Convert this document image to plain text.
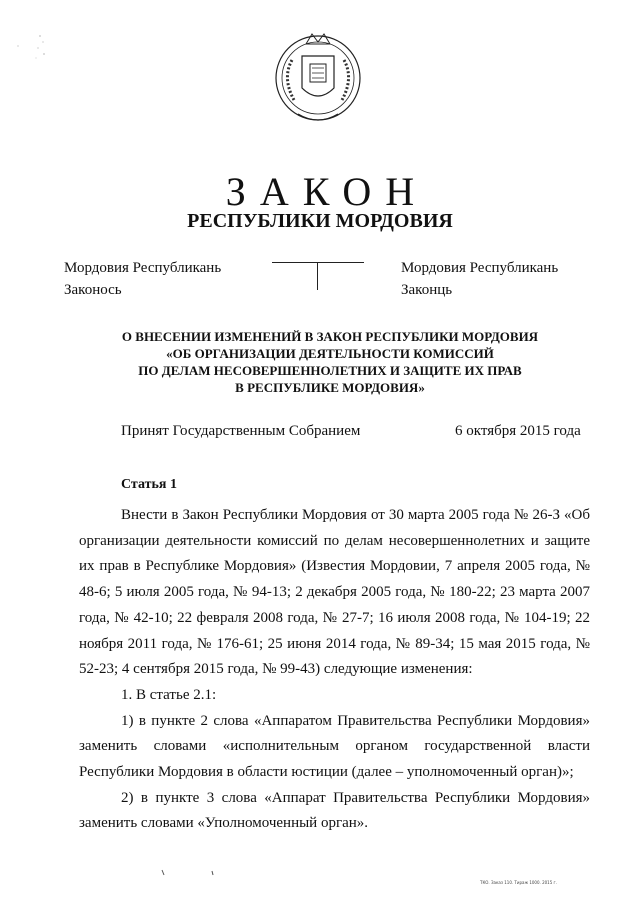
ЗАКОН
РЕСПУБЛИКИ МОРДОВИЯ
Мордовия Республикань
Законось
Мордовия Республикань
Законць
О ВНЕСЕНИИ ИЗМЕНЕНИЙ В ЗАКОН РЕСПУБЛИКИ МОРДОВИЯ
«ОБ ОРГАНИЗАЦИИ ДЕЯТЕЛЬНОСТИ КОМИССИЙ
ПО ДЕЛАМ НЕСОВЕРШЕННОЛЕТНИХ И ЗАЩИТЕ ИХ ПРАВ
В РЕСПУБЛИКЕ МОРДОВИЯ»
Принят Государственным Собранием	6 октября 2015 года
Статья 1

Внести в Закон Республики Мордовия от 30 марта 2005 года № 26-З «Об организации деятельности комиссий по делам несовершеннолетних и защите их прав в Республике Мордовия» (Известия Мордовии, 7 апреля 2005 года, № 48-6; 5 июля 2005 года, № 94-13; 2 декабря 2005 года, № 180-22; 23 марта 2007 года, № 42-10; 22 февраля 2008 года, № 27-7; 16 июля 2008 года, № 104-19; 22 ноября 2011 года, № 176-61; 25 июня 2014 года, № 89-34; 15 мая 2015 года, № 52-23; 4 сентября 2015 года, № 99-43) следующие изменения:

1. В статье 2.1:

1) в пункте 2 слова «Аппаратом Правительства Республики Мордовия» заменить словами «исполнительным органом государственной власти Республики Мордовия в области юстиции (далее – уполномоченный орган)»;

2) в пункте 3 слова «Аппарат Правительства Республики Мордовия» заменить словами «Уполномоченный орган».

ТКО. Заказ 110. Тираж 1000. 2015 г.
